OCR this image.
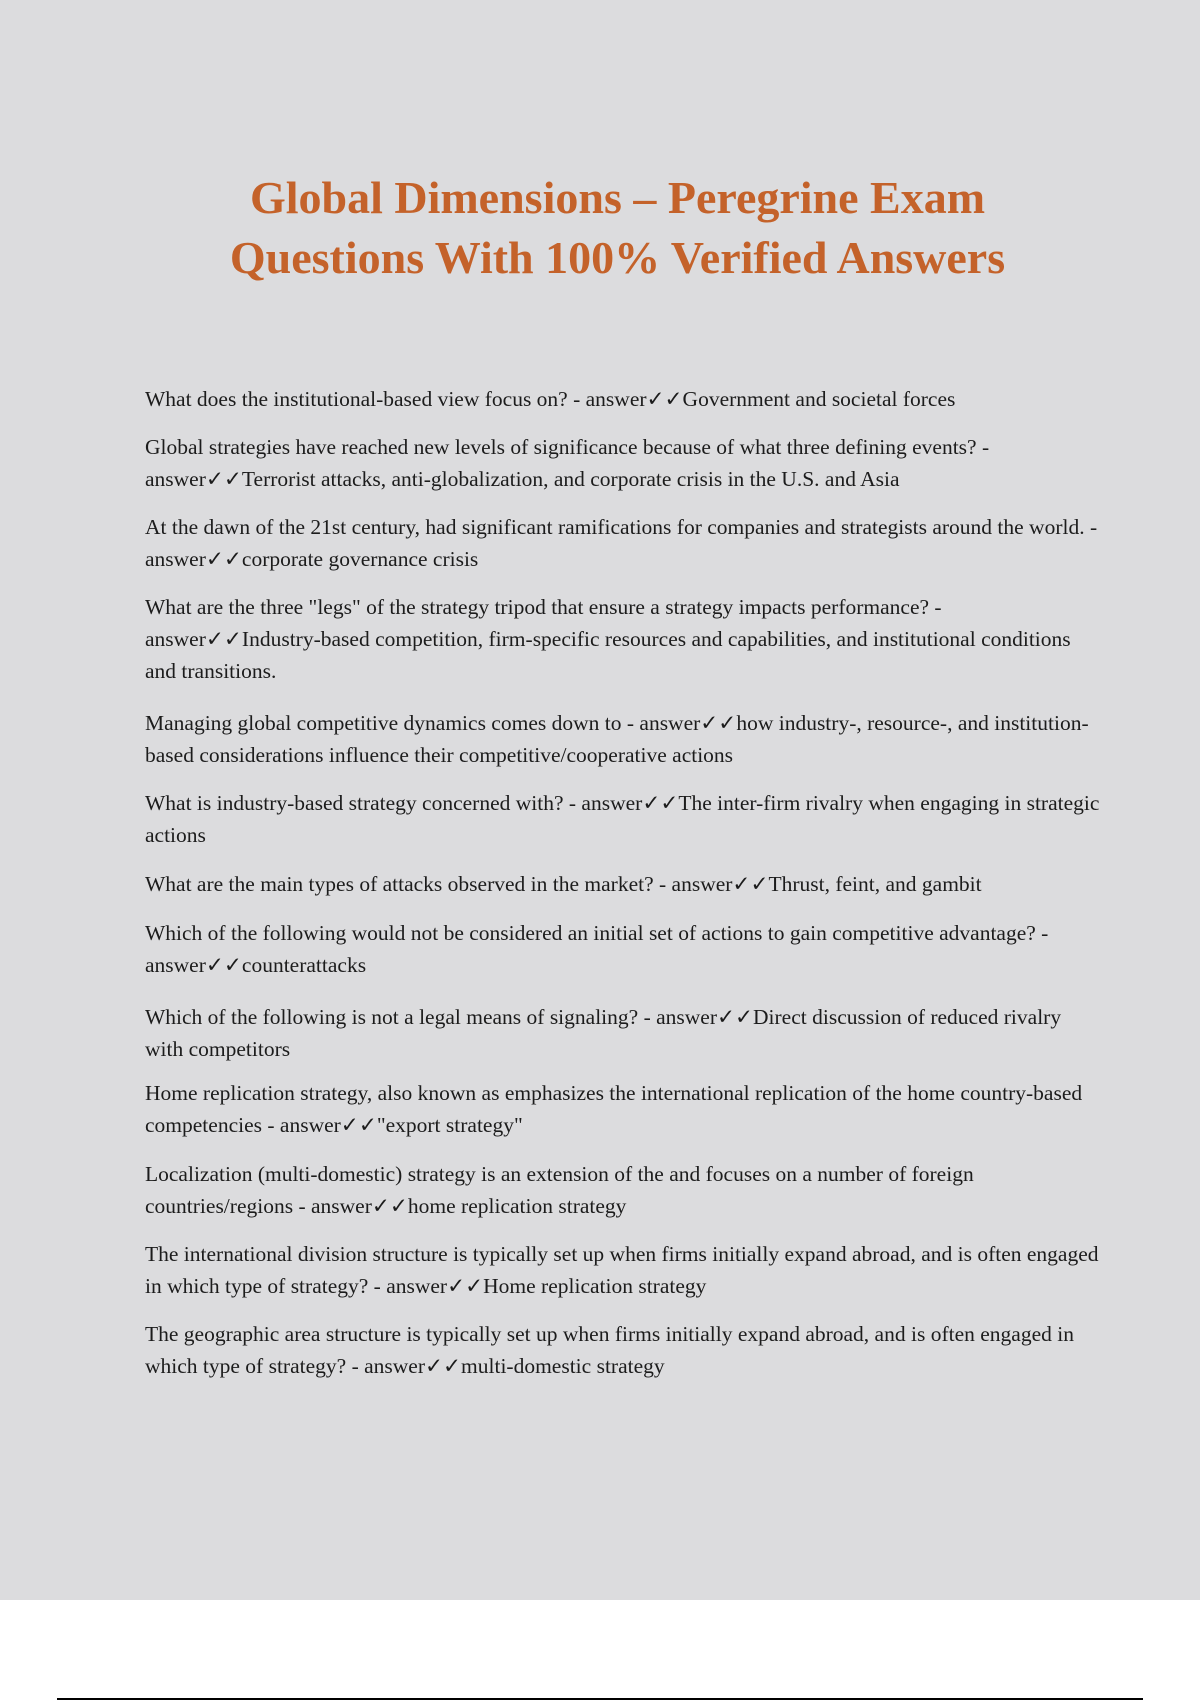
Global Dimensions – Peregrine Exam
Questions With 100% Verified Answers
What does the institutional-based view focus on? - answer✓✓Government and societal forces
Global strategies have reached new levels of significance because of what three defining events? - answer✓✓Terrorist attacks, anti-globalization, and corporate crisis in the U.S. and Asia
At the dawn of the 21st century, had significant ramifications for companies and strategists around the world. - answer✓✓corporate governance crisis
What are the three "legs" of the strategy tripod that ensure a strategy impacts performance? - answer✓✓Industry-based competition, firm-specific resources and capabilities, and institutional conditions and transitions.
Managing global competitive dynamics comes down to - answer✓✓how industry-, resource-, and institution-based considerations influence their competitive/cooperative actions
What is industry-based strategy concerned with? - answer✓✓The inter-firm rivalry when engaging in strategic actions
What are the main types of attacks observed in the market? - answer✓✓Thrust, feint, and gambit
Which of the following would not be considered an initial set of actions to gain competitive advantage? - answer✓✓counterattacks
Which of the following is not a legal means of signaling? - answer✓✓Direct discussion of reduced rivalry with competitors
Home replication strategy, also known as emphasizes the international replication of the home country-based competencies - answer✓✓"export strategy"
Localization (multi-domestic) strategy is an extension of the and focuses on a number of foreign countries/regions - answer✓✓home replication strategy
The international division structure is typically set up when firms initially expand abroad, and is often engaged in which type of strategy? - answer✓✓Home replication strategy
The geographic area structure is typically set up when firms initially expand abroad, and is often engaged in which type of strategy? - answer✓✓multi-domestic strategy
